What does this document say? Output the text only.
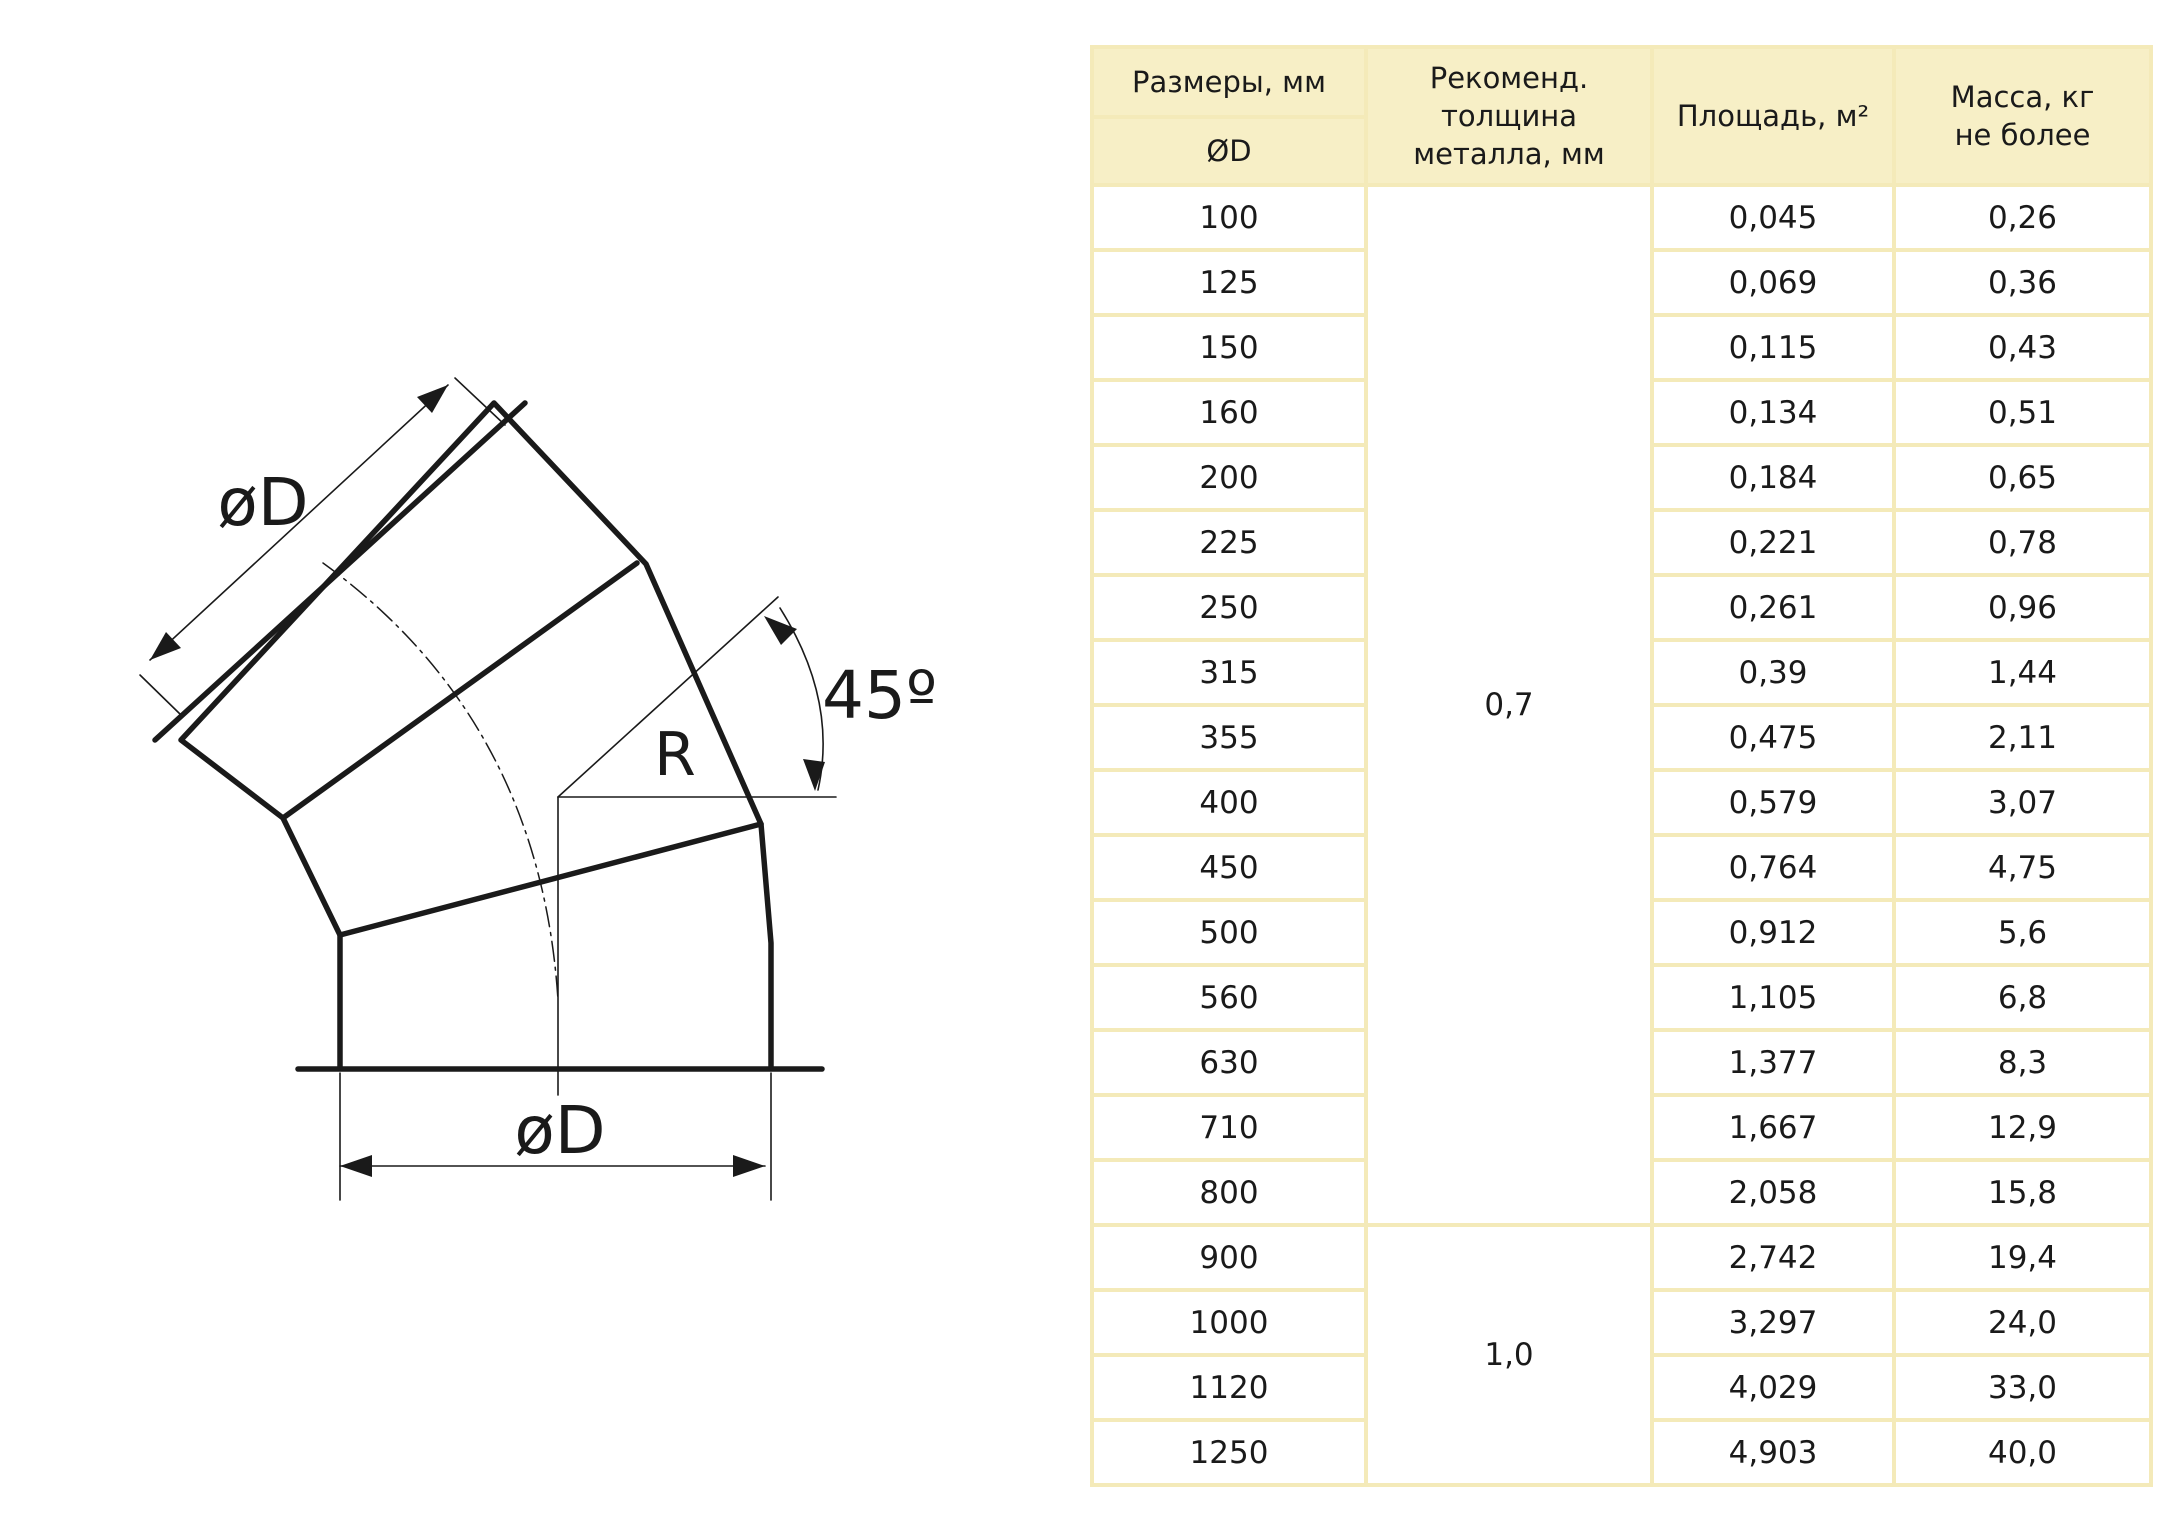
øD
øD
45º
R
Размеры, мм	Рекоменд. толщина металла, мм	Площадь, м²	Масса, кг не более

ØD			
100	0,7	0,045	0,26
125		0,069	0,36
150		0,115	0,43
160		0,134	0,51
200		0,184	0,65
225		0,221	0,78
250		0,261	0,96
315		0,39	1,44
355		0,475	2,11
400		0,579	3,07
450		0,764	4,75
500		0,912	5,6
560		1,105	6,8
630		1,377	8,3
710		1,667	12,9
800		2,058	15,8
900	1,0	2,742	19,4
1000		3,297	24,0
1120		4,029	33,0
1250		4,903	40,0
